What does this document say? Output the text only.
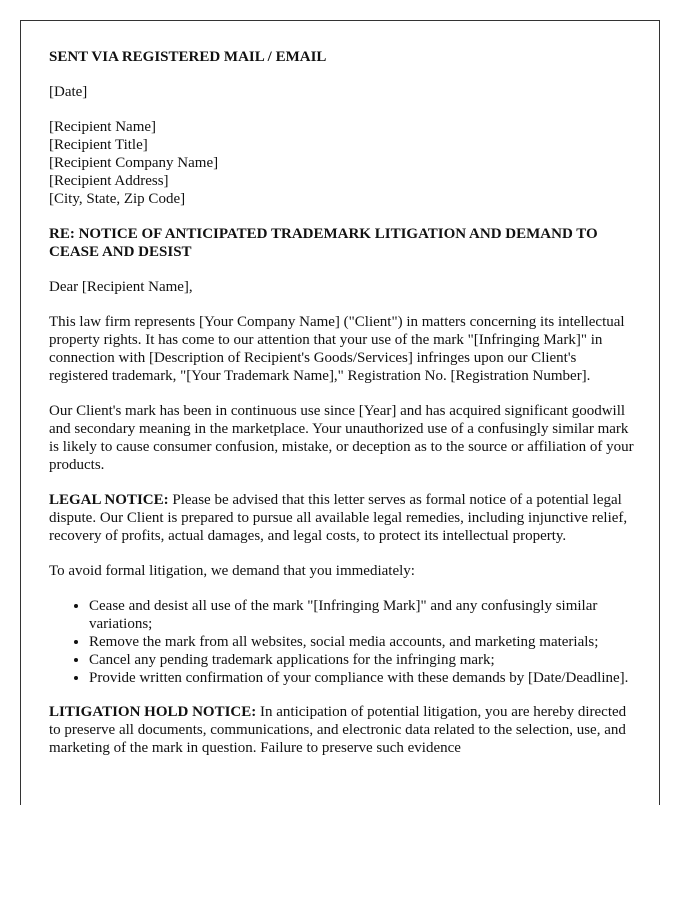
SENT VIA REGISTERED MAIL / EMAIL

[Date]

[Recipient Name]
[Recipient Title]
[Recipient Company Name]
[Recipient Address]
[City, State, Zip Code]

RE: NOTICE OF ANTICIPATED TRADEMARK LITIGATION AND DEMAND TO CEASE AND DESIST

Dear [Recipient Name],

This law firm represents [Your Company Name] ("Client") in matters concerning its intellectual property rights. It has come to our attention that your use of the mark "[Infringing Mark]" in connection with [Description of Recipient's Goods/Services] infringes upon our Client's registered trademark, "[Your Trademark Name]," Registration No. [Registration Number].

Our Client's mark has been in continuous use since [Year] and has acquired significant goodwill and secondary meaning in the marketplace. Your unauthorized use of a confusingly similar mark is likely to cause consumer confusion, mistake, or deception as to the source or affiliation of your products.

LEGAL NOTICE: Please be advised that this letter serves as formal notice of a potential legal dispute. Our Client is prepared to pursue all available legal remedies, including injunctive relief, recovery of profits, actual damages, and legal costs, to protect its intellectual property.

To avoid formal litigation, we demand that you immediately:

• Cease and desist all use of the mark "[Infringing Mark]" and any confusingly similar variations;
• Remove the mark from all websites, social media accounts, and marketing materials;
• Cancel any pending trademark applications for the infringing mark;
• Provide written confirmation of your compliance with these demands by [Date/Deadline].

LITIGATION HOLD NOTICE: In anticipation of potential litigation, you are hereby directed to preserve all documents, communications, and electronic data related to the selection, use, and marketing of the mark in question. Failure to preserve such evidence
